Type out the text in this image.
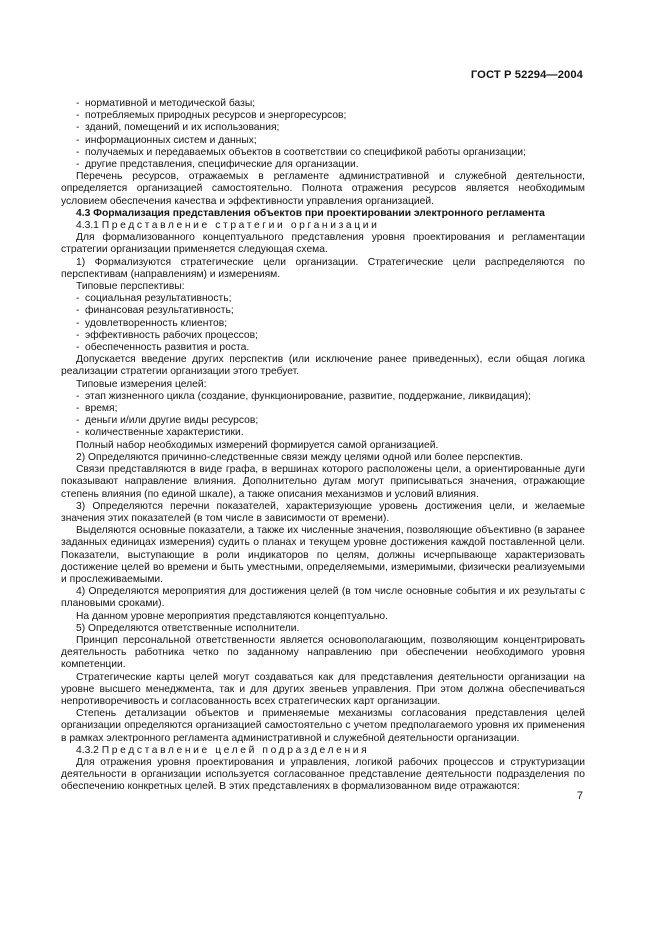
ГОСТ Р 52294—2004
- нормативной и методической базы;
- потребляемых природных ресурсов и энергоресурсов;
- зданий, помещений и их использования;
- информационных систем и данных;
- получаемых и передаваемых объектов в соответствии со спецификой работы организации;
- другие представления, специфические для организации.

Перечень ресурсов, отражаемых в регламенте административной и служебной деятельности, определяется организацией самостоятельно. Полнота отражения ресурсов является необходимым условием обеспечения качества и эффективности управления организацией.

4.3 Формализация представления объектов при проектировании электронного регламента
4.3.1 Представление стратегии организации

Для формализованного концептуального представления уровня проектирования и регламентации стратегии организации применяется следующая схема.

1) Формализуются стратегические цели организации. Стратегические цели распределяются по перспективам (направлениям) и измерениям.

Типовые перспективы:

- социальная результативность;
- финансовая результативность;
- удовлетворенность клиентов;
- эффективность рабочих процессов;
- обеспеченность развития и роста.

Допускается введение других перспектив (или исключение ранее приведенных), если общая логика реализации стратегии организации этого требует.

Типовые измерения целей:

- этап жизненного цикла (создание, функционирование, развитие, поддержание, ликвидация);
- время;
- деньги и/или другие виды ресурсов;
- количественные характеристики.

Полный набор необходимых измерений формируется самой организацией.

2) Определяются причинно-следственные связи между целями одной или более перспектив.

Связи представляются в виде графа, в вершинах которого расположены цели, а ориентированные дуги показывают направление влияния. Дополнительно дугам могут приписываться значения, отражающие степень влияния (по единой шкале), а также описания механизмов и условий влияния.

3) Определяются перечни показателей, характеризующие уровень достижения цели, и желаемые значения этих показателей (в том числе в зависимости от времени).

Выделяются основные показатели, а также их численные значения, позволяющие объективно (в заранее заданных единицах измерения) судить о планах и текущем уровне достижения каждой поставленной цели. Показатели, выступающие в роли индикаторов по целям, должны исчерпывающе характеризовать достижение целей во времени и быть уместными, определяемыми, измеримыми, физически реализуемыми и прослеживаемыми.

4) Определяются мероприятия для достижения целей (в том числе основные события и их результаты с плановыми сроками).

На данном уровне мероприятия представляются концептуально.

5) Определяются ответственные исполнители.

Принцип персональной ответственности является основополагающим, позволяющим концентрировать деятельность работника четко по заданному направлению при обеспечении необходимого уровня компетенции.

Стратегические карты целей могут создаваться как для представления деятельности организации на уровне высшего менеджмента, так и для других звеньев управления. При этом должна обеспечиваться непротиворечивость и согласованность всех стратегических карт организации.

Степень детализации объектов и применяемые механизмы согласования представления целей организации определяются организацией самостоятельно с учетом предполагаемого уровня их применения в рамках электронного регламента административной и служебной деятельности организации.

4.3.2 Представление целей подразделения

Для отражения уровня проектирования и управления, логикой рабочих процессов и структуризации деятельности в организации используется согласованное представление деятельности подразделения по обеспечению конкретных целей. В этих представлениях в формализованном виде отражаются:

7
